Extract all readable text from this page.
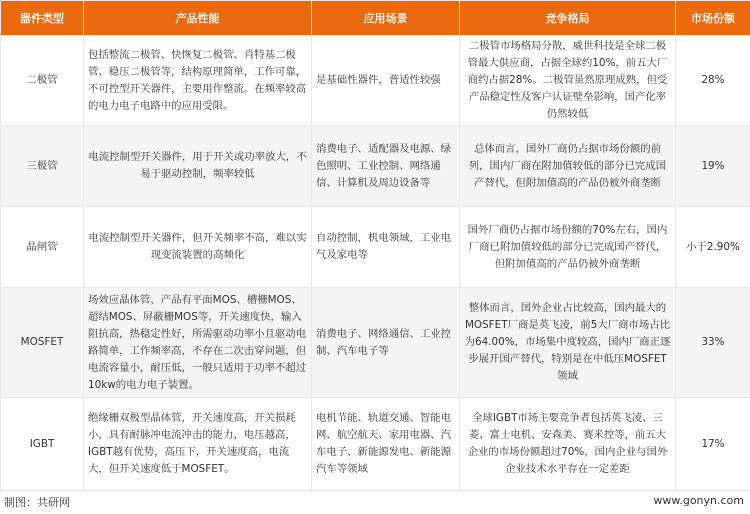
器件类型	产品性能	应用场景	竞争格局	市场份额
二极管	包括整流二极管、快恢复二极管、肖特基二极管、稳压二极管等，结构原理简单，工作可靠，不可控型开关器件，主要用作整流。在频率较高的电力电子电路中的应用受限。	是基础性器件，普适性较强	二极管市场格局分散，威世科技是全球二极管最大供应商，占据全球约10%，前五大厂商约占据28%。二极管虽然原理成熟，但受产品稳定性及客户认证壁垒影响，国产化率仍然较低	28%
三极管	电流控制型开关器件，用于开关或功率放大，不易于驱动控制，频率较低	消费电子、适配器及电源、绿色照明、工业控制、网络通信、计算机及周边设备等	总体而言，国外厂商仍占据市场份额的前列，国内厂商在附加值较低的部分已完成国产替代，但附加值高的产品仍被外商垄断	19%
晶闸管	电流控制型开关器件，但开关频率不高，难以实现变流装置的高频化	自动控制，机电领域，工业电气及家电等	国外厂商仍占据市场份额的70%左右，国内厂商已附加值较低的部分已完成国产替代，但附加值高的产品仍被外商垄断	小于2.90%
MOSFET	场效应晶体管，产品有平面MOS、槽栅MOS、超结MOS、屏蔽栅MOS等，开关速度快，输入阻抗高，热稳定性好，所需驱动功率小且驱动电路简单，工作频率高，不存在二次击穿问题，但电流容量小，耐压低，一般只适用于功率不超过10kw的电力电子装置。	消费电子、网络通信、工业控制、汽车电子等	整体而言，国外企业占比较高，国内最大的MOSFET厂商是英飞凌，前5大厂商市场占比为64.00%，市场集中度较高，国内厂商正逐步展开国产替代，特别是在中低压MOSFET领域	33%
IGBT	绝缘栅双极型晶体管，开关速度高，开关损耗小，具有耐脉冲电流冲击的能力，电压越高，IGBT越有优势，高压下，开关速度高，电流大，但开关速度低于MOSFET。	电机节能、轨道交通、智能电网、航空航天、家用电器、汽车电子、新能源发电、新能源汽车等领域	全球IGBT市场主要竞争者包括英飞凌、三菱、富士电机、安森美、赛米控等，前五大企业的市场份额超过70%，国内企业与国外企业技术水平存在一定差距	17%
制图：共研网	www.gonyn.com
